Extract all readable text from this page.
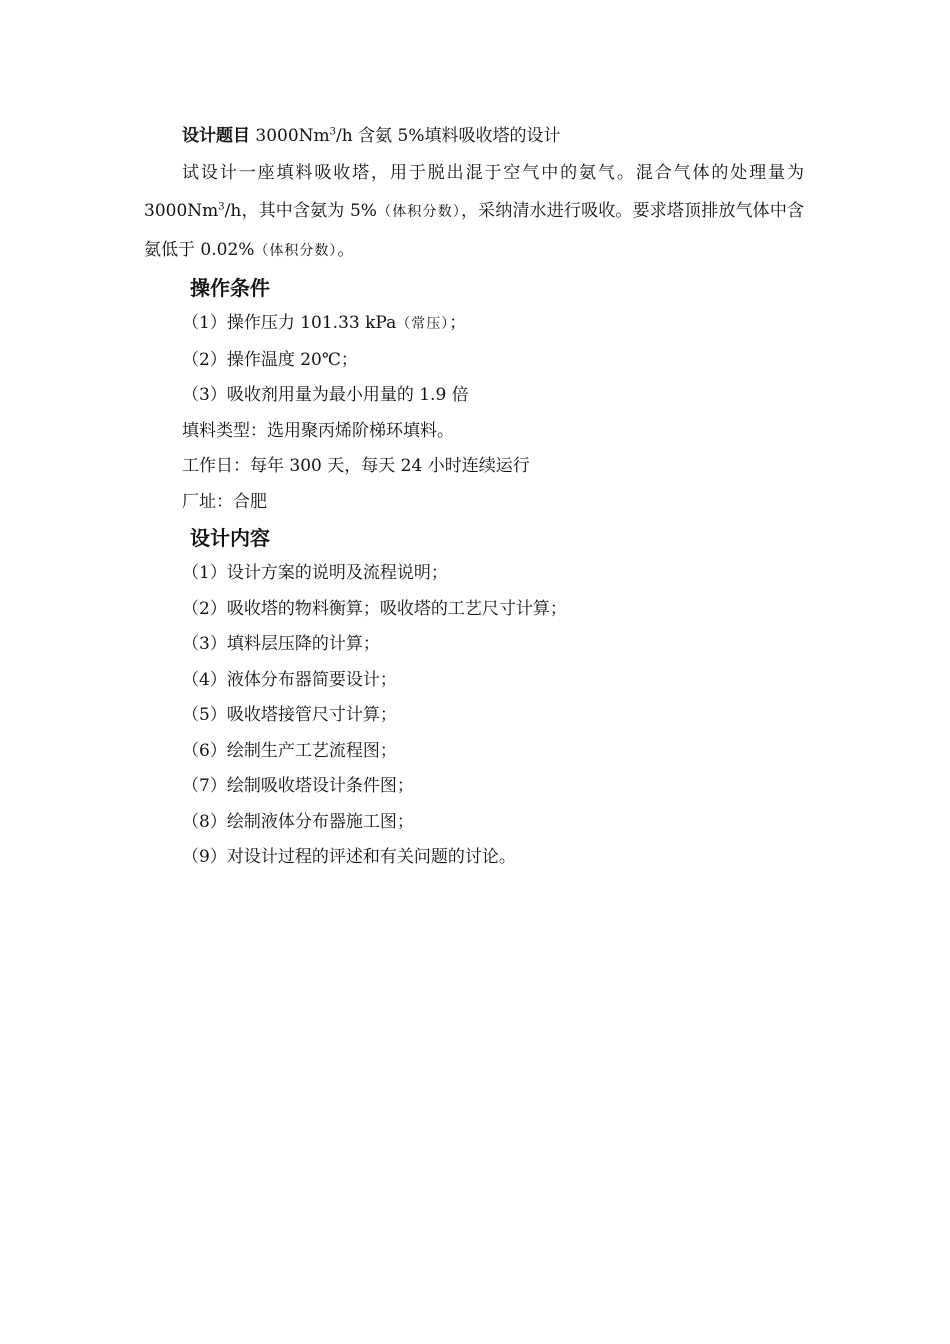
设计题目 3000Nm$^3$/h 含氨 5%填料吸收塔的设计

试设计一座填料吸收塔，用于脱出混于空气中的氨气。混合气体的处理量为 3000Nm$^3$/h，其中含氨为 5%（体积分数），采纳清水进行吸收。要求塔顶排放气体中含氨低于 0.02%（体积分数）。

操作条件
（1）操作压力 101.33 kPa（常压）；
（2）操作温度 20℃；
（3）吸收剂用量为最小用量的 1.9 倍
填料类型：选用聚丙烯阶梯环填料。
工作日：每年 300 天，每天 24 小时连续运行
厂址：合肥
设计内容
（1）设计方案的说明及流程说明；
（2）吸收塔的物料衡算；吸收塔的工艺尺寸计算；
（3）填料层压降的计算；
（4）液体分布器简要设计；
（5）吸收塔接管尺寸计算；
（6）绘制生产工艺流程图；
（7）绘制吸收塔设计条件图；
（8）绘制液体分布器施工图；
（9）对设计过程的评述和有关问题的讨论。
